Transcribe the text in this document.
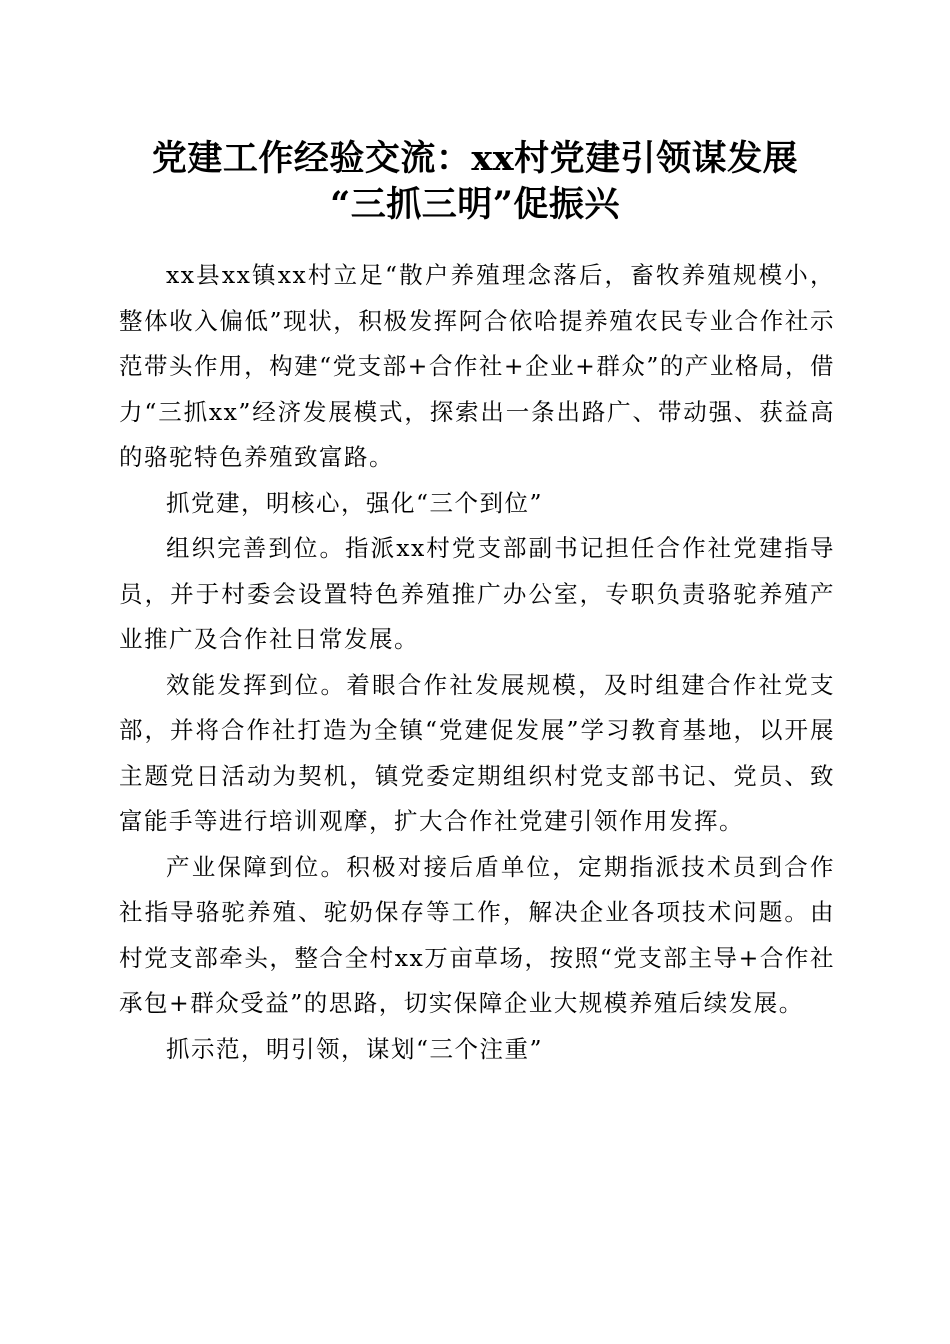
党建工作经验交流：xx村党建引领谋发展
“三抓三明”促振兴

xx县xx镇xx村立足“散户养殖理念落后，畜牧养殖规模小，整体收入偏低”现状，积极发挥阿合依哈提养殖农民专业合作社示范带头作用，构建“党支部+合作社+企业+群众”的产业格局，借力“三抓xx”经济发展模式，探索出一条出路广、带动强、获益高的骆驼特色养殖致富路。

抓党建，明核心，强化“三个到位”

组织完善到位。指派xx村党支部副书记担任合作社党建指导员，并于村委会设置特色养殖推广办公室，专职负责骆驼养殖产业推广及合作社日常发展。

效能发挥到位。着眼合作社发展规模，及时组建合作社党支部，并将合作社打造为全镇“党建促发展”学习教育基地，以开展主题党日活动为契机，镇党委定期组织村党支部书记、党员、致富能手等进行培训观摩，扩大合作社党建引领作用发挥。

产业保障到位。积极对接后盾单位，定期指派技术员到合作社指导骆驼养殖、驼奶保存等工作，解决企业各项技术问题。由村党支部牵头，整合全村xx万亩草场，按照“党支部主导+合作社承包+群众受益”的思路，切实保障企业大规模养殖后续发展。

抓示范，明引领，谋划“三个注重”
